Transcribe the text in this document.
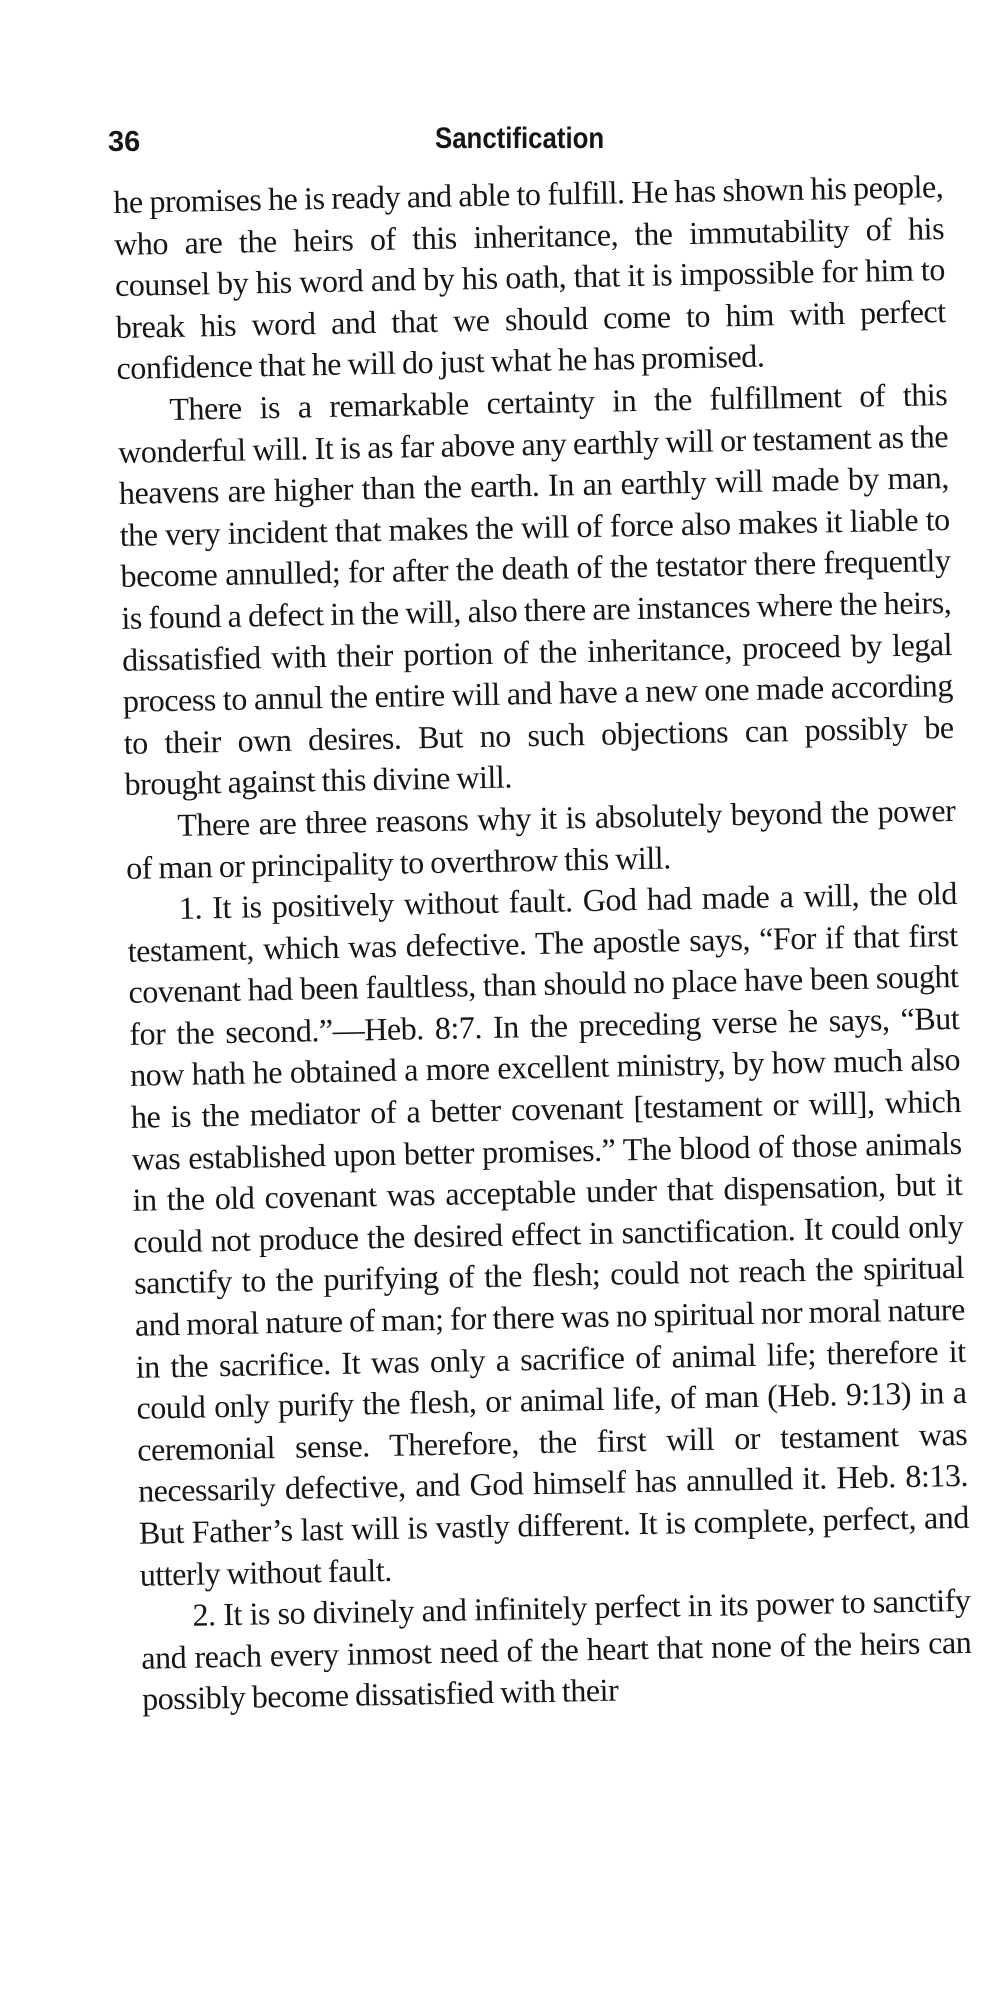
36	Sanctification

he promises he is ready and able to fulfill. He has shown his people, who are the heirs of this inheritance, the immutability of his counsel by his word and by his oath, that it is impossible for him to break his word and that we should come to him with perfect confidence that he will do just what he has promised.

There is a remarkable certainty in the fulfillment of this wonderful will. It is as far above any earthly will or testament as the heavens are higher than the earth. In an earthly will made by man, the very incident that makes the will of force also makes it liable to become annulled; for after the death of the testator there frequently is found a defect in the will, also there are instances where the heirs, dissatisfied with their portion of the inheritance, proceed by legal process to annul the entire will and have a new one made according to their own desires. But no such objections can possibly be brought against this divine will.

There are three reasons why it is absolutely beyond the power of man or principality to overthrow this will.

1. It is positively without fault. God had made a will, the old testament, which was defective. The apostle says, “For if that first covenant had been faultless, than should no place have been sought for the second.”—Heb. 8:7. In the preceding verse he says, “But now hath he obtained a more excellent ministry, by how much also he is the mediator of a better covenant [testament or will], which was established upon better promises.” The blood of those animals in the old covenant was acceptable under that dispensation, but it could not produce the desired effect in sanctification. It could only sanctify to the purifying of the flesh; could not reach the spiritual and moral nature of man; for there was no spiritual nor moral nature in the sacrifice. It was only a sacrifice of animal life; therefore it could only purify the flesh, or animal life, of man (Heb. 9:13) in a ceremonial sense. Therefore, the first will or testament was necessarily defective, and God himself has annulled it. Heb. 8:13. But Father’s last will is vastly different. It is complete, perfect, and utterly without fault.

2. It is so divinely and infinitely perfect in its power to sanctify and reach every inmost need of the heart that none of the heirs can possibly become dissatisfied with their
